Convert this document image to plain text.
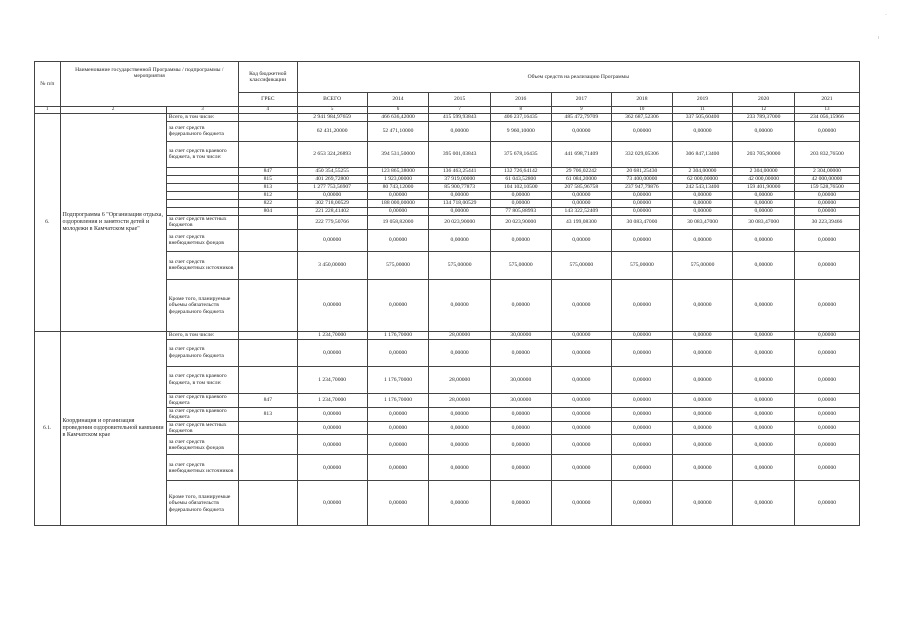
·
ı
№ п/п	Наименование государственной Программы / подпрограммы / мероприятия		Код бюджетной классификации	Объем средств на реализацию Программы								
			ГРБС	ВСЕГО	2014	2015	2016	2017	2018	2019	2020	2021
1	2	3	4	5	6	7	8	9	10	11	12	13
6.	Подпрограмма 6 "Организация отдыха, оздоровления и занятости детей и молодежи в Камчатском крае"	Всего, в том числе:		2 941 984,97659	466 636,42000	415 599,93843	406 237,16435	485 472,79709	362 687,52306	337 505,60400	233 789,37000	234 056,15966
		за счет средств федерального бюджета		62 431,20000	52 471,10000	0,00000	9 960,10000	0,00000	0,00000	0,00000	0,00000	0,00000
		за счет средств краевого бюджета, в том числе:		2 653 324,26893	394 531,50000	395 001,03843	375 678,16435	441 698,71409	332 029,05306	306 847,13400	203 705,90000	203 832,76500
			847	450 354,55255	123 865,38000	136 463,25441	132 726,64142	29 706,02242	20 681,25430	2 304,00000	2 304,00000	2 304,00000
			815	401 269,72800	1 923,00000	37 919,00000	61 043,52800	61 084,20000	73 400,00000	62 000,00000	42 000,00000	42 000,00000
			813	1 277 753,56907	80 743,12000	85 900,77873	104 102,10500	207 585,96758	237 947,79876	242 543,13400	159 401,90000	159 528,76500
			812	0,00000	0,00000	0,00000	0,00000	0,00000	0,00000	0,00000	0,00000	0,00000
			822	302 718,00529	188 000,00000	134 718,00529	0,00000	0,00000	0,00000	0,00000	0,00000	0,00000
			804	221 228,41402	0,00000	0,00000	77 805,88993	143 322,52409	0,00000	0,00000	0,00000	0,00000
		за счет средств местных бюджетов		222 779,50766	19 058,82000	20 023,90000	20 023,90000	43 199,08300	30 083,47000	30 083,47000	30 083,47000	30 223,39466
		за счет средств внебюджетных фондов		0,00000	0,00000	0,00000	0,00000	0,00000	0,00000	0,00000	0,00000	0,00000
		за счет средств внебюджетных источников		3 450,00000	575,00000	575,00000	575,00000	575,00000	575,00000	575,00000	0,00000	0,00000
		Кроме того, планируемые объемы обязательств федерального бюджета		0,00000	0,00000	0,00000	0,00000	0,00000	0,00000	0,00000	0,00000	0,00000
6.1.	Координация и организация проведения оздоровительной кампании в Камчатском крае	Всего, в том числе:		1 234,70000	1 176,70000	28,00000	30,00000	0,00000	0,00000	0,00000	0,00000	0,00000
		за счет средств федерального бюджета		0,00000	0,00000	0,00000	0,00000	0,00000	0,00000	0,00000	0,00000	0,00000
		за счет средств краевого бюджета, в том числе:		1 234,70000	1 176,70000	28,00000	30,00000	0,00000	0,00000	0,00000	0,00000	0,00000
		за счет средств краевого бюджета	847	1 234,70000	1 176,70000	28,00000	30,00000	0,00000	0,00000	0,00000	0,00000	0,00000
		за счет средств краевого бюджета	813	0,00000	0,00000	0,00000	0,00000	0,00000	0,00000	0,00000	0,00000	0,00000
		за счет средств местных бюджетов		0,00000	0,00000	0,00000	0,00000	0,00000	0,00000	0,00000	0,00000	0,00000
		за счет средств внебюджетных фондов		0,00000	0,00000	0,00000	0,00000	0,00000	0,00000	0,00000	0,00000	0,00000
		за счет средств внебюджетных источников		0,00000	0,00000	0,00000	0,00000	0,00000	0,00000	0,00000	0,00000	0,00000
		Кроме того, планируемые объемы обязательств федерального бюджета		0,00000	0,00000	0,00000	0,00000	0,00000	0,00000	0,00000	0,00000	0,00000
